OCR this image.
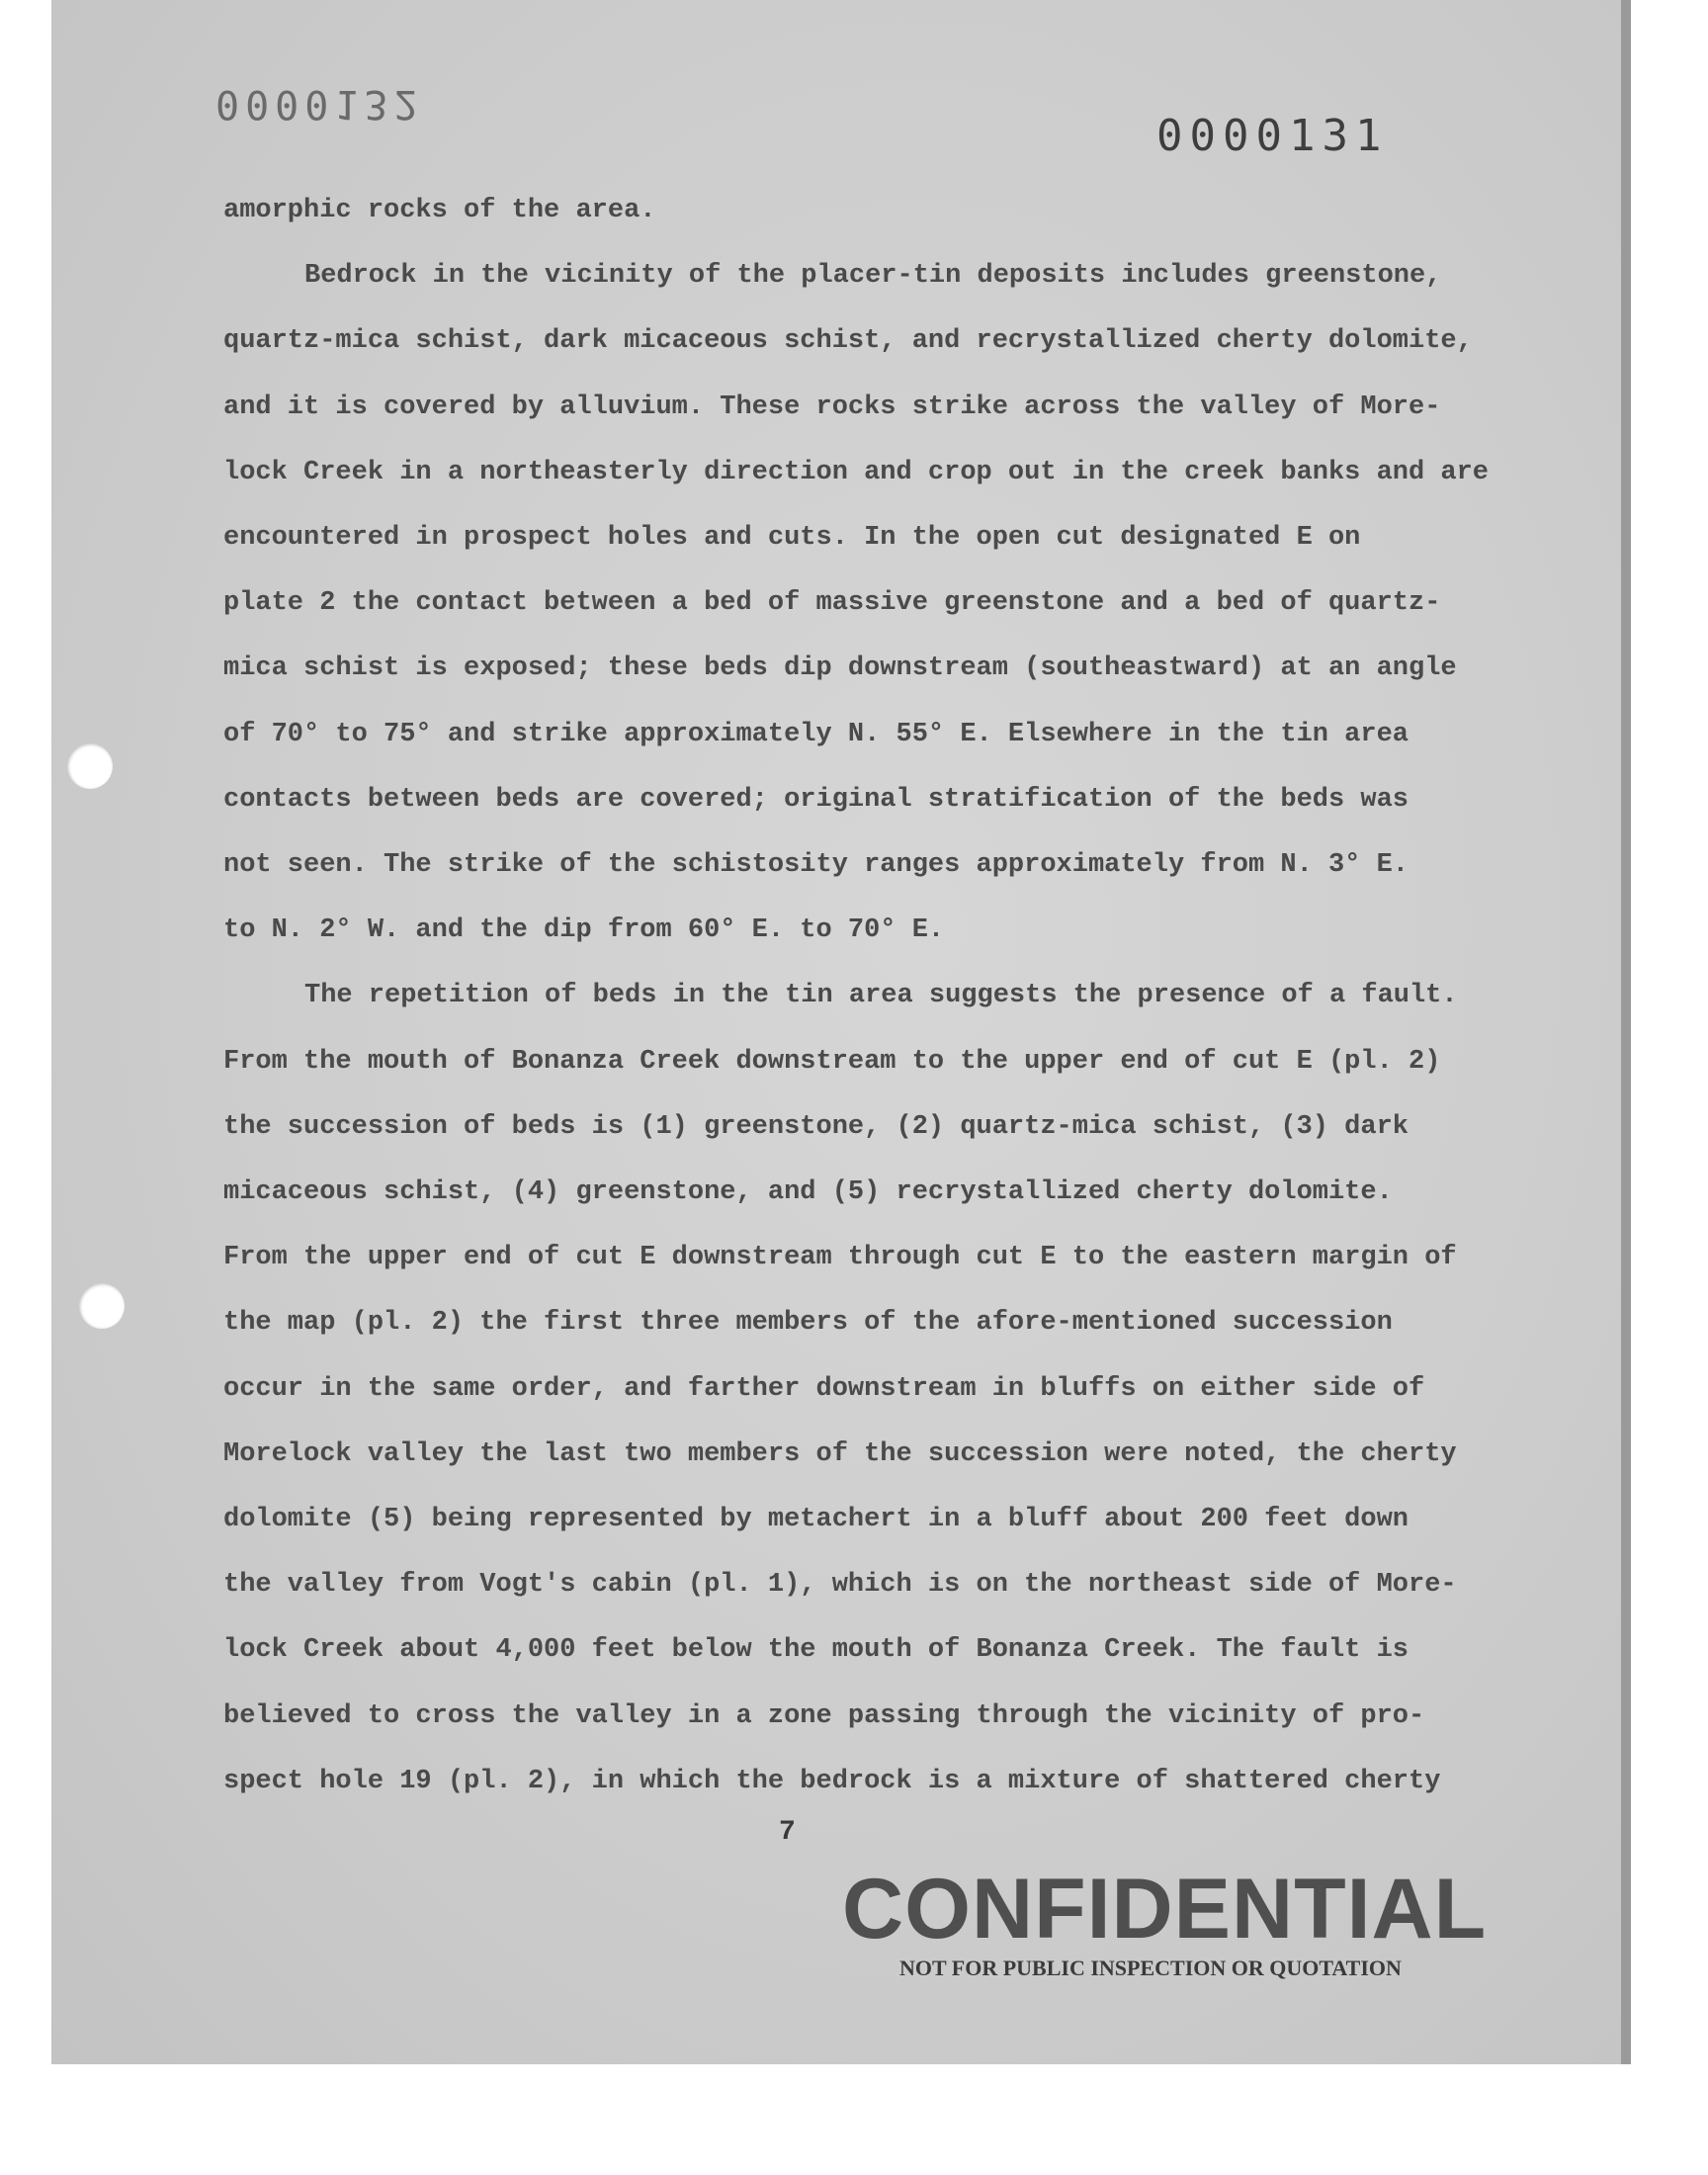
0000132
0000131

amorphic rocks of the area.

Bedrock in the vicinity of the placer-tin deposits includes greenstone,
quartz-mica schist, dark micaceous schist, and recrystallized cherty dolomite,
and it is covered by alluvium. These rocks strike across the valley of More-
lock Creek in a northeasterly direction and crop out in the creek banks and are
encountered in prospect holes and cuts. In the open cut designated E on
plate 2 the contact between a bed of massive greenstone and a bed of quartz-
mica schist is exposed; these beds dip downstream (southeastward) at an angle
of 70° to 75° and strike approximately N. 55° E. Elsewhere in the tin area
contacts between beds are covered; original stratification of the beds was
not seen. The strike of the schistosity ranges approximately from N. 3° E.
to N. 2° W. and the dip from 60° E. to 70° E.

The repetition of beds in the tin area suggests the presence of a fault.
From the mouth of Bonanza Creek downstream to the upper end of cut E (pl. 2)
the succession of beds is (1) greenstone, (2) quartz-mica schist, (3) dark
micaceous schist, (4) greenstone, and (5) recrystallized cherty dolomite.
From the upper end of cut E downstream through cut E to the eastern margin of
the map (pl. 2) the first three members of the afore-mentioned succession
occur in the same order, and farther downstream in bluffs on either side of
Morelock valley the last two members of the succession were noted, the cherty
dolomite (5) being represented by metachert in a bluff about 200 feet down
the valley from Vogt's cabin (pl. 1), which is on the northeast side of More-
lock Creek about 4,000 feet below the mouth of Bonanza Creek. The fault is
believed to cross the valley in a zone passing through the vicinity of pro-
spect hole 19 (pl. 2), in which the bedrock is a mixture of shattered cherty

7
CONFIDENTIAL
NOT FOR PUBLIC INSPECTION OR QUOTATION
